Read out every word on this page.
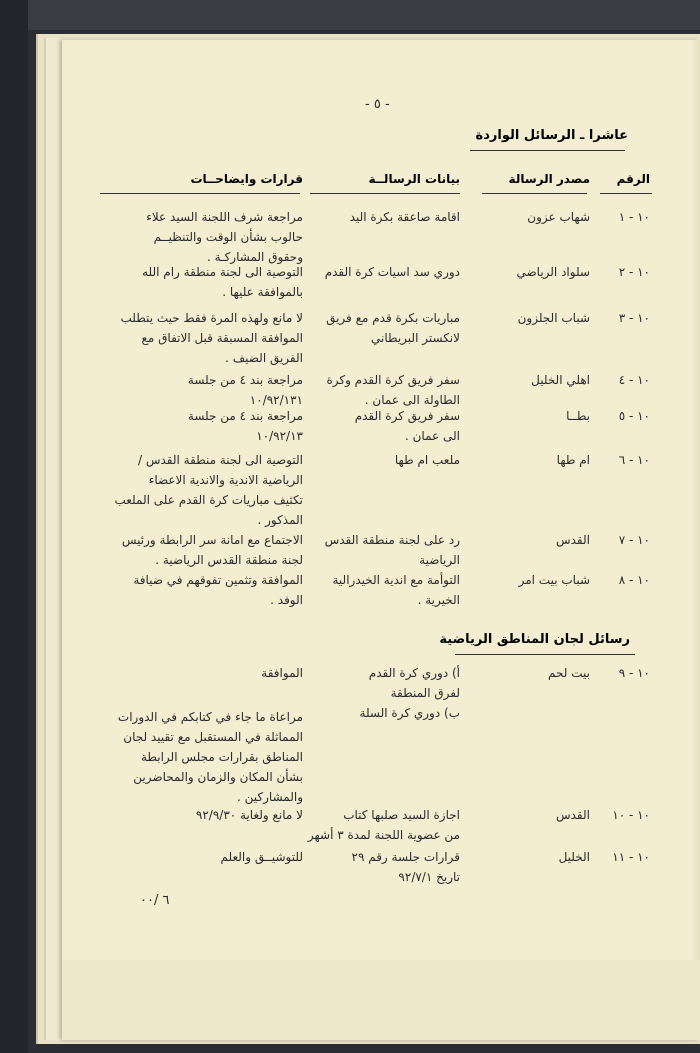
- ٥ -
عاشرا ـ الرسائل الواردة
الرقم
مصدر الرسالة
بيانات الرسالــة
قرارات وايضاحــات
رسائل لجان المناطق الرياضية
٦ /٠٠
١٠ - ١
شهاب عزون
اقامة صاعقة بكرة اليد
مراجعة شرف اللجنة السيد علاء
حالوب بشأن الوقت والتنظيــم
وحقوق المشاركـة .
١٠ - ٢
سلواد الرياضي
دوري سد اسيات كرة القدم
التوصية الى لجنة منطقة رام الله
بالموافقة عليها .
١٠ - ٣
شباب الجلزون
مباريات بكرة قدم مع فريق
لانكستر البريطاني
لا مانع ولهذه المرة فقط حيث يتطلب
الموافقة المسبقة قبل الاتفاق مع
الفريق الضيف .
١٠ - ٤
اهلي الخليل
سفر فريق كرة القدم وكرة
الطاولة الى عمان .
مراجعة بند ٤ من جلسة
١٠/٩٢/١٣١
١٠ - ٥
بطــا
سفر فريق كرة القدم
الى عمان .
مراجعة بند ٤ من جلسة
١٠/٩٢/١٣
١٠ - ٦
ام طها
ملعب ام طها
التوصية الى لجنة منطقة القدس /
الرياضية الاندية والاندية الاعضاء
تكثيف مباريات كرة القدم على الملعب
المذكور .
١٠ - ٧
القدس
رد على لجنة منطقة القدس
الرياضية
الاجتماع مع امانة سر الرابطة ورئيس
لجنة منطقة القدس الرياضية .
الموافقة وتثمين تفوقهم في ضيافة
الوفد .
١٠ - ٨
شباب بيت امر
التوأمة مع اندية الخيدرالية
الخيرية .
١٠ - ٩
بيت لحم
أ) دوري كرة القدم
لفرق المنطقة
ب) دوري كرة السلة
الموافقة
مراعاة ما جاء في كتابكم في الدورات
المماثلة في المستقبل مع تقييد لجان
المناطق بقرارات مجلس الرابطة
بشأن المكان والزمان والمحاضرين
والمشاركين .
١٠ - ١٠
القدس
اجازة السيد صلبها كتاب
من عضوية اللجنة لمدة ٣ أشهر
لا مانع ولغاية ٩٢/٩/٣٠
١٠ - ١١
الخليل
قرارات جلسة رقم ٢٩
تاريخ ٩٢/٧/١
للتوشيــق والعلم
